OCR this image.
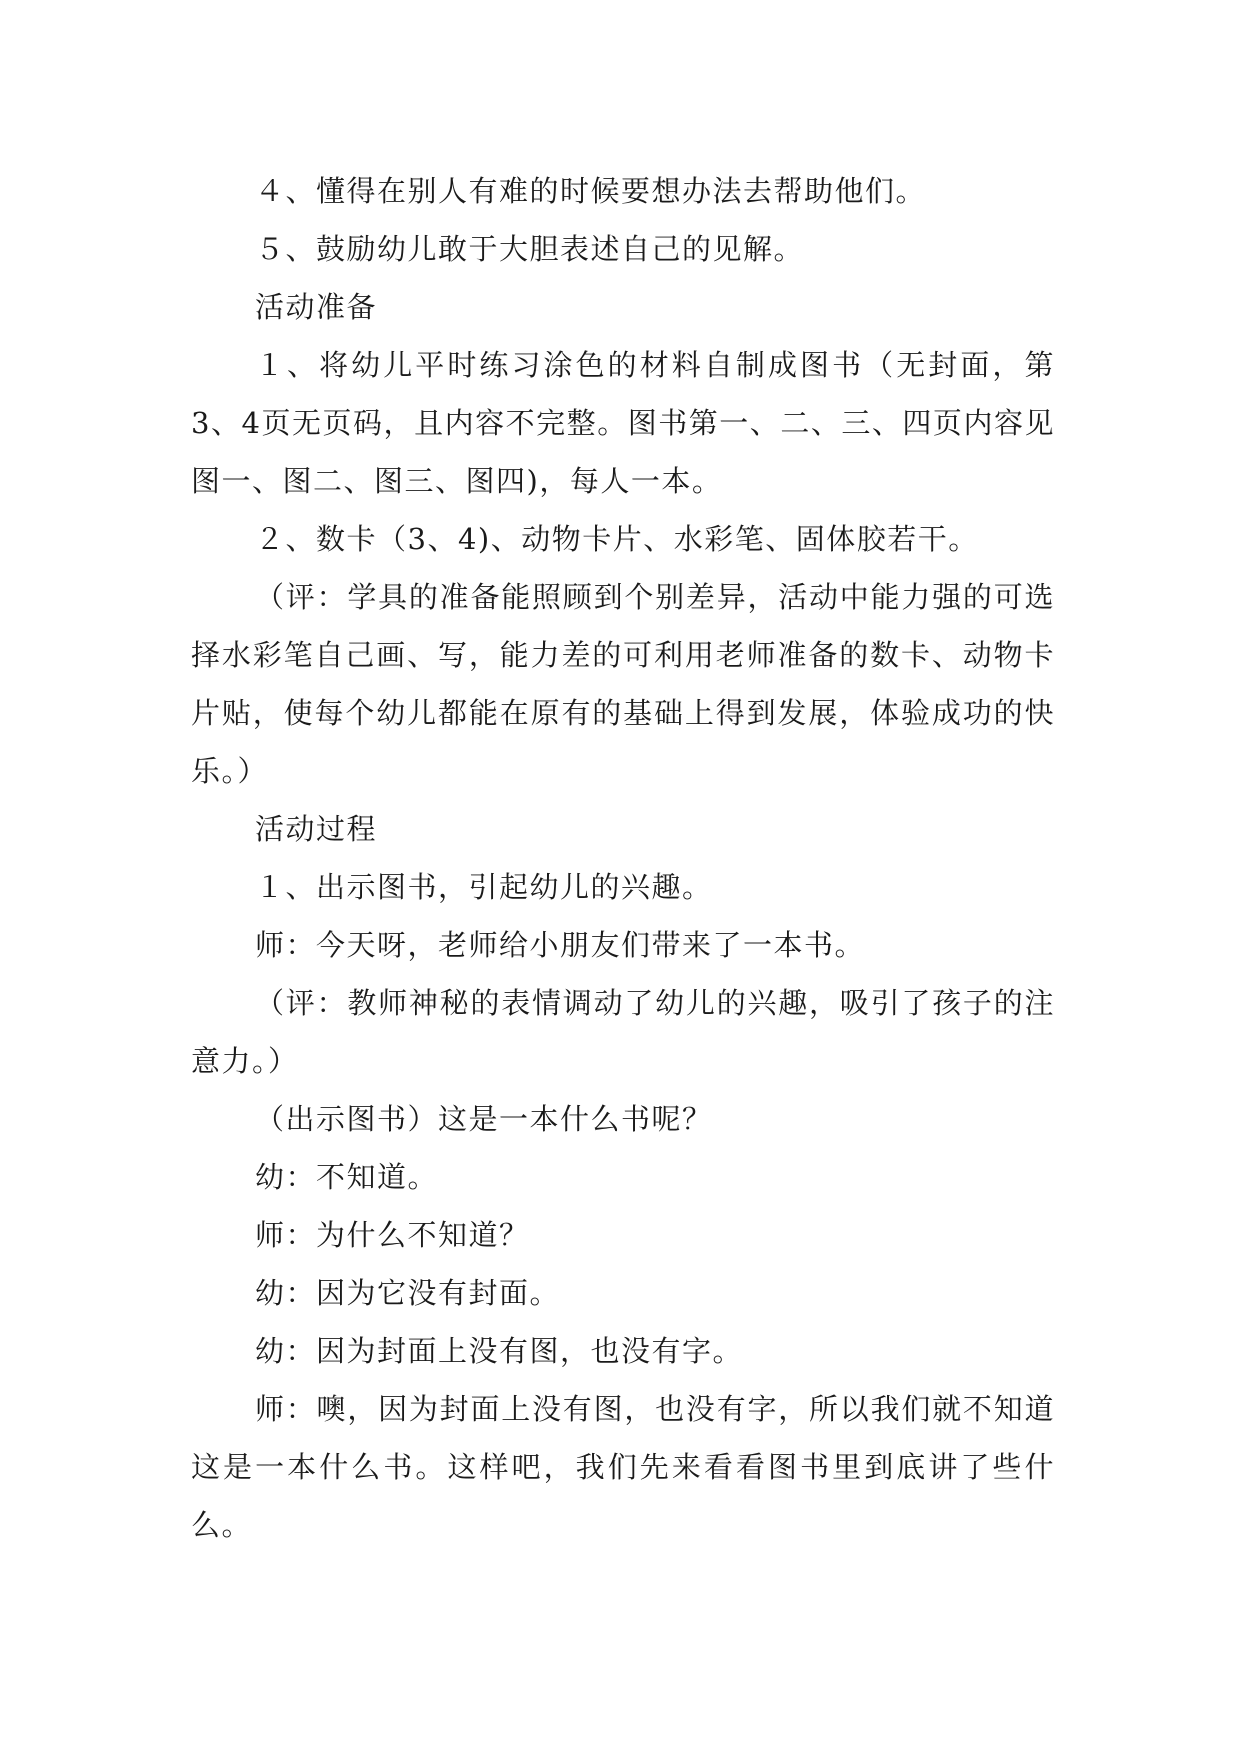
４、懂得在别人有难的时候要想办法去帮助他们。

５、鼓励幼儿敢于大胆表述自己的见解。

活动准备

１、将幼儿平时练习涂色的材料自制成图书（无封面，第3、4页无页码，且内容不完整。图书第一、二、三、四页内容见图一、图二、图三、图四)，每人一本。

２、数卡（3、4)、动物卡片、水彩笔、固体胶若干。

（评：学具的准备能照顾到个别差异，活动中能力强的可选择水彩笔自己画、写，能力差的可利用老师准备的数卡、动物卡片贴，使每个幼儿都能在原有的基础上得到发展，体验成功的快乐。）

活动过程

１、出示图书，引起幼儿的兴趣。

师：今天呀，老师给小朋友们带来了一本书。

（评：教师神秘的表情调动了幼儿的兴趣，吸引了孩子的注意力。）

（出示图书）这是一本什么书呢？

幼：不知道。

师：为什么不知道？

幼：因为它没有封面。

幼：因为封面上没有图，也没有字。

师：噢，因为封面上没有图，也没有字，所以我们就不知道这是一本什么书。这样吧，我们先来看看图书里到底讲了些什么。
